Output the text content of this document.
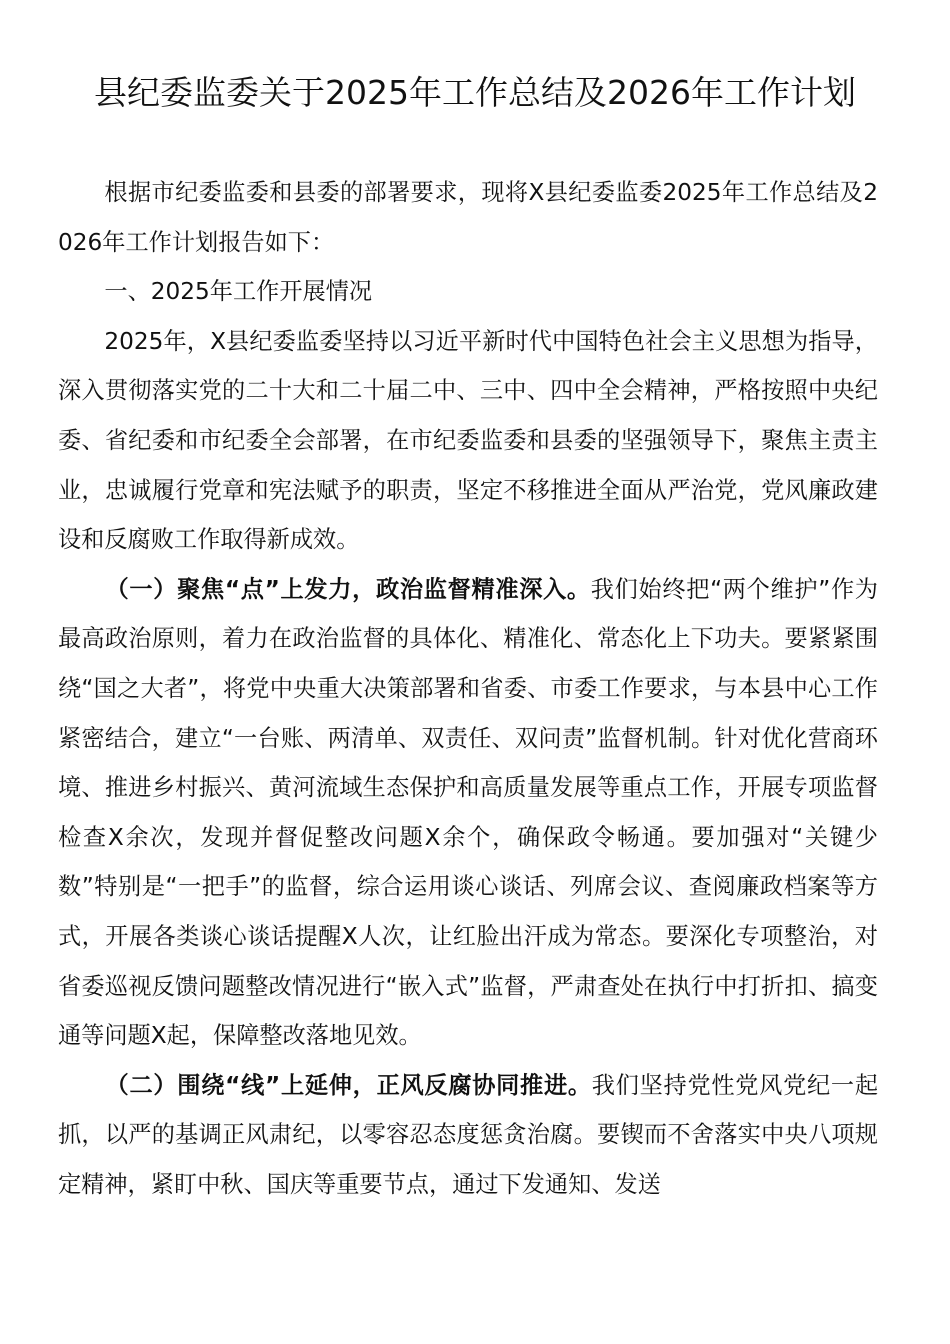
县纪委监委关于2025年工作总结及2026年工作计划

根据市纪委监委和县委的部署要求，现将X县纪委监委2025年工作总结及2026年工作计划报告如下：

一、2025年工作开展情况

2025年，X县纪委监委坚持以习近平新时代中国特色社会主义思想为指导，深入贯彻落实党的二十大和二十届二中、三中、四中全会精神，严格按照中央纪委、省纪委和市纪委全会部署，在市纪委监委和县委的坚强领导下，聚焦主责主业，忠诚履行党章和宪法赋予的职责，坚定不移推进全面从严治党，党风廉政建设和反腐败工作取得新成效。

（一）聚焦“点”上发力，政治监督精准深入。我们始终把“两个维护”作为最高政治原则，着力在政治监督的具体化、精准化、常态化上下功夫。要紧紧围绕“国之大者”，将党中央重大决策部署和省委、市委工作要求，与本县中心工作紧密结合，建立“一台账、两清单、双责任、双问责”监督机制。针对优化营商环境、推进乡村振兴、黄河流域生态保护和高质量发展等重点工作，开展专项监督检查X余次，发现并督促整改问题X余个，确保政令畅通。要加强对“关键少数”特别是“一把手”的监督，综合运用谈心谈话、列席会议、查阅廉政档案等方式，开展各类谈心谈话提醒X人次，让红脸出汗成为常态。要深化专项整治，对省委巡视反馈问题整改情况进行“嵌入式”监督，严肃查处在执行中打折扣、搞变通等问题X起，保障整改落地见效。

（二）围绕“线”上延伸，正风反腐协同推进。我们坚持党性党风党纪一起抓，以严的基调正风肃纪，以零容忍态度惩贪治腐。要锲而不舍落实中央八项规定精神，紧盯中秋、国庆等重要节点，通过下发通知、发送
